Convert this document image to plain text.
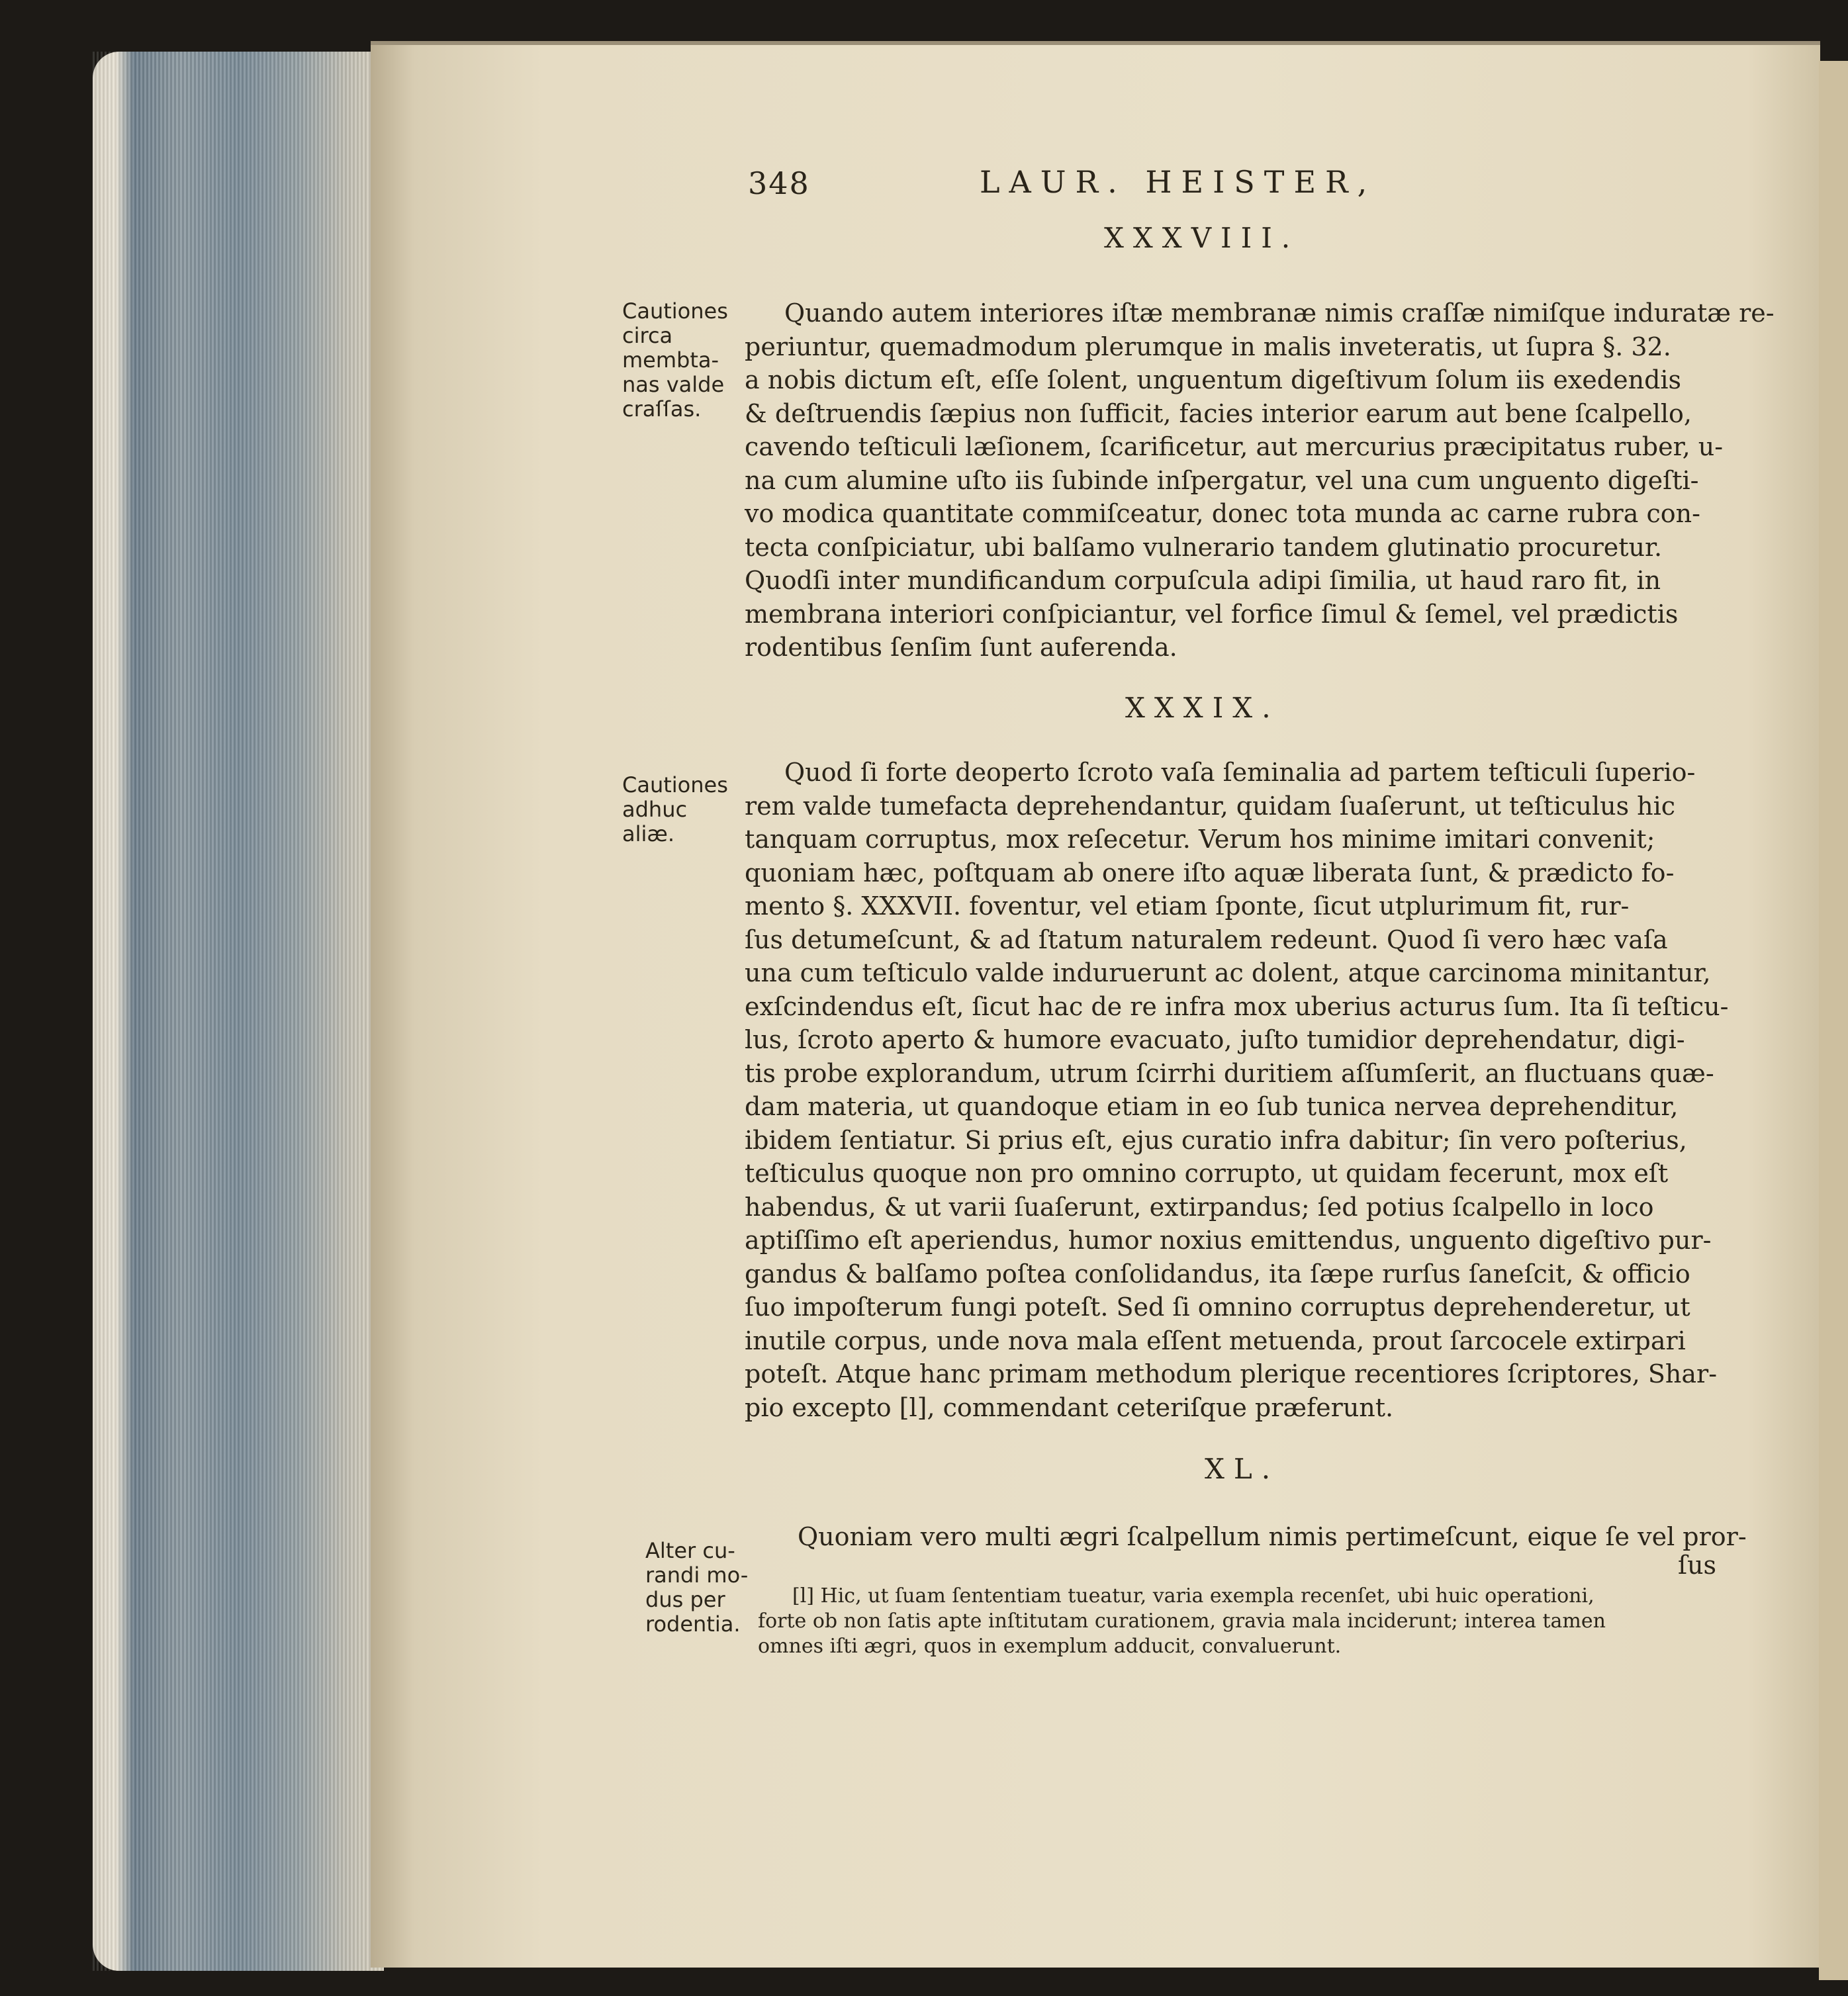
348	LAUR. HEISTER,
XXXVIII.
Cautiones
circa
membta-
nas valde
craſſas.
Quando autem interiores iſtæ membranæ nimis craſſæ nimiſque induratæ re-
periuntur, quemadmodum plerumque in malis inveteratis, ut ſupra §. 32.
a nobis dictum eſt, eſſe ſolent, unguentum digeſtivum ſolum iis exedendis
& deſtruendis ſæpius non ſufficit, facies interior earum aut bene ſcalpello,
cavendo teſticuli læſionem, ſcarificetur, aut mercurius præcipitatus ruber, u-
na cum alumine uſto iis ſubinde inſpergatur, vel una cum unguento digeſti-
vo modica quantitate commiſceatur, donec tota munda ac carne rubra con-
tecta conſpiciatur, ubi balſamo vulnerario tandem glutinatio procuretur.
Quodſi inter mundificandum corpuſcula adipi ſimilia, ut haud raro fit, in
membrana interiori conſpiciantur, vel forfice ſimul & ſemel, vel prædictis
rodentibus ſenſim ſunt auferenda.
XXXIX.
Cautiones
adhuc
aliæ.
Quod ſi forte deoperto ſcroto vaſa ſeminalia ad partem teſticuli ſuperio-
rem valde tumefacta deprehendantur, quidam ſuaſerunt, ut teſticulus hic
tanquam corruptus, mox reſecetur. Verum hos minime imitari convenit;
quoniam hæc, poſtquam ab onere iſto aquæ liberata ſunt, & prædicto fo-
mento §. XXXVII. foventur, vel etiam ſponte, ſicut utplurimum fit, rur-
ſus detumeſcunt, & ad ſtatum naturalem redeunt. Quod ſi vero hæc vaſa
una cum teſticulo valde induruerunt ac dolent, atque carcinoma minitantur,
exſcindendus eſt, ſicut hac de re infra mox uberius acturus ſum. Ita ſi teſticu-
lus, ſcroto aperto & humore evacuato, juſto tumidior deprehendatur, digi-
tis probe explorandum, utrum ſcirrhi duritiem aſſumſerit, an fluctuans quæ-
dam materia, ut quandoque etiam in eo ſub tunica nervea deprehenditur,
ibidem ſentiatur. Si prius eſt, ejus curatio infra dabitur; ſin vero poſterius,
teſticulus quoque non pro omnino corrupto, ut quidam fecerunt, mox eſt
habendus, & ut varii ſuaſerunt, extirpandus; ſed potius ſcalpello in loco
aptiſſimo eſt aperiendus, humor noxius emittendus, unguento digeſtivo pur-
gandus & balſamo poſtea conſolidandus, ita ſæpe rurſus ſaneſcit, & officio
ſuo impoſterum fungi poteſt. Sed ſi omnino corruptus deprehenderetur, ut
inutile corpus, unde nova mala eſſent metuenda, prout ſarcocele extirpari
poteſt. Atque hanc primam methodum plerique recentiores ſcriptores, Shar-
pio excepto [l], commendant ceteriſque præferunt.
XL.
Alter cu-
randi mo-
dus per
rodentia.
Quoniam vero multi ægri ſcalpellum nimis pertimeſcunt, eique ſe vel pror-
ſus
[l] Hic, ut ſuam ſententiam tueatur, varia exempla recenſet, ubi huic operationi,
forte ob non ſatis apte inſtitutam curationem, gravia mala inciderunt; interea tamen
omnes iſti ægri, quos in exemplum adducit, convaluerunt.
